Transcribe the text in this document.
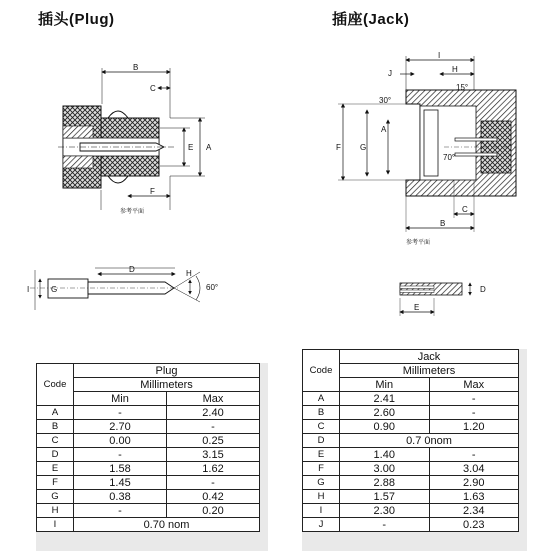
插头(Plug)	插座(Jack)
B
C
E A
F
参考平面
D
60°
H
I	G
I
H
J
30°
15°
70°
F G
A
C
B
参考平面
E
D
Code	Plug	
	Millimeters	
	Min	Max
A	-	2.40
B	2.70	-
C	0.00	0.25
D	-	3.15
E	1.58	1.62
F	1.45	-
G	0.38	0.42
H	-	0.20
I	0.70 nom	
Code	Jack	
	Millimeters	
	Min	Max
A	2.41	-
B	2.60	-
C	0.90	1.20
D	0.7 0nom	
E	1.40	-
F	3.00	3.04
G	2.88	2.90
H	1.57	1.63
I	2.30	2.34
J	-	0.23
